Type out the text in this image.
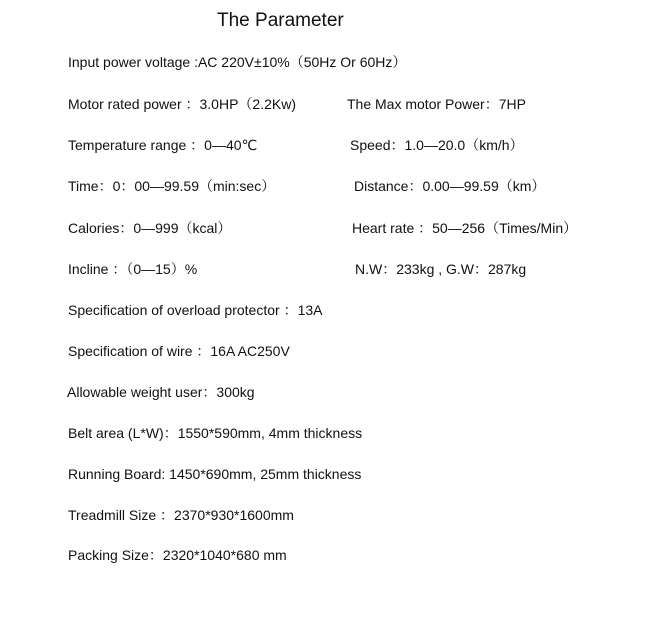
The Parameter
Input power voltage :AC 220V±10%（50Hz Or 60Hz）
Motor rated power ：3.0HP（2.2Kw)	The Max motor Power：7HP
Temperature range ：0—40℃	Speed：1.0—20.0（km/h）
Time：0：00—99.59（min:sec）	Distance：0.00—99.59（km）
Calories：0—999（kcal）	Heart rate ：50—256（Times/Min）
Incline ：（0—15）%	N.W：233kg , G.W：287kg
Specification of overload protector ：13A
Specification of wire ：16A AC250V
Allowable weight user：300kg
Belt area (L*W)：1550*590mm, 4mm thickness
Running Board: 1450*690mm, 25mm thickness
Treadmill Size ：2370*930*1600mm
Packing Size：2320*1040*680 mm
